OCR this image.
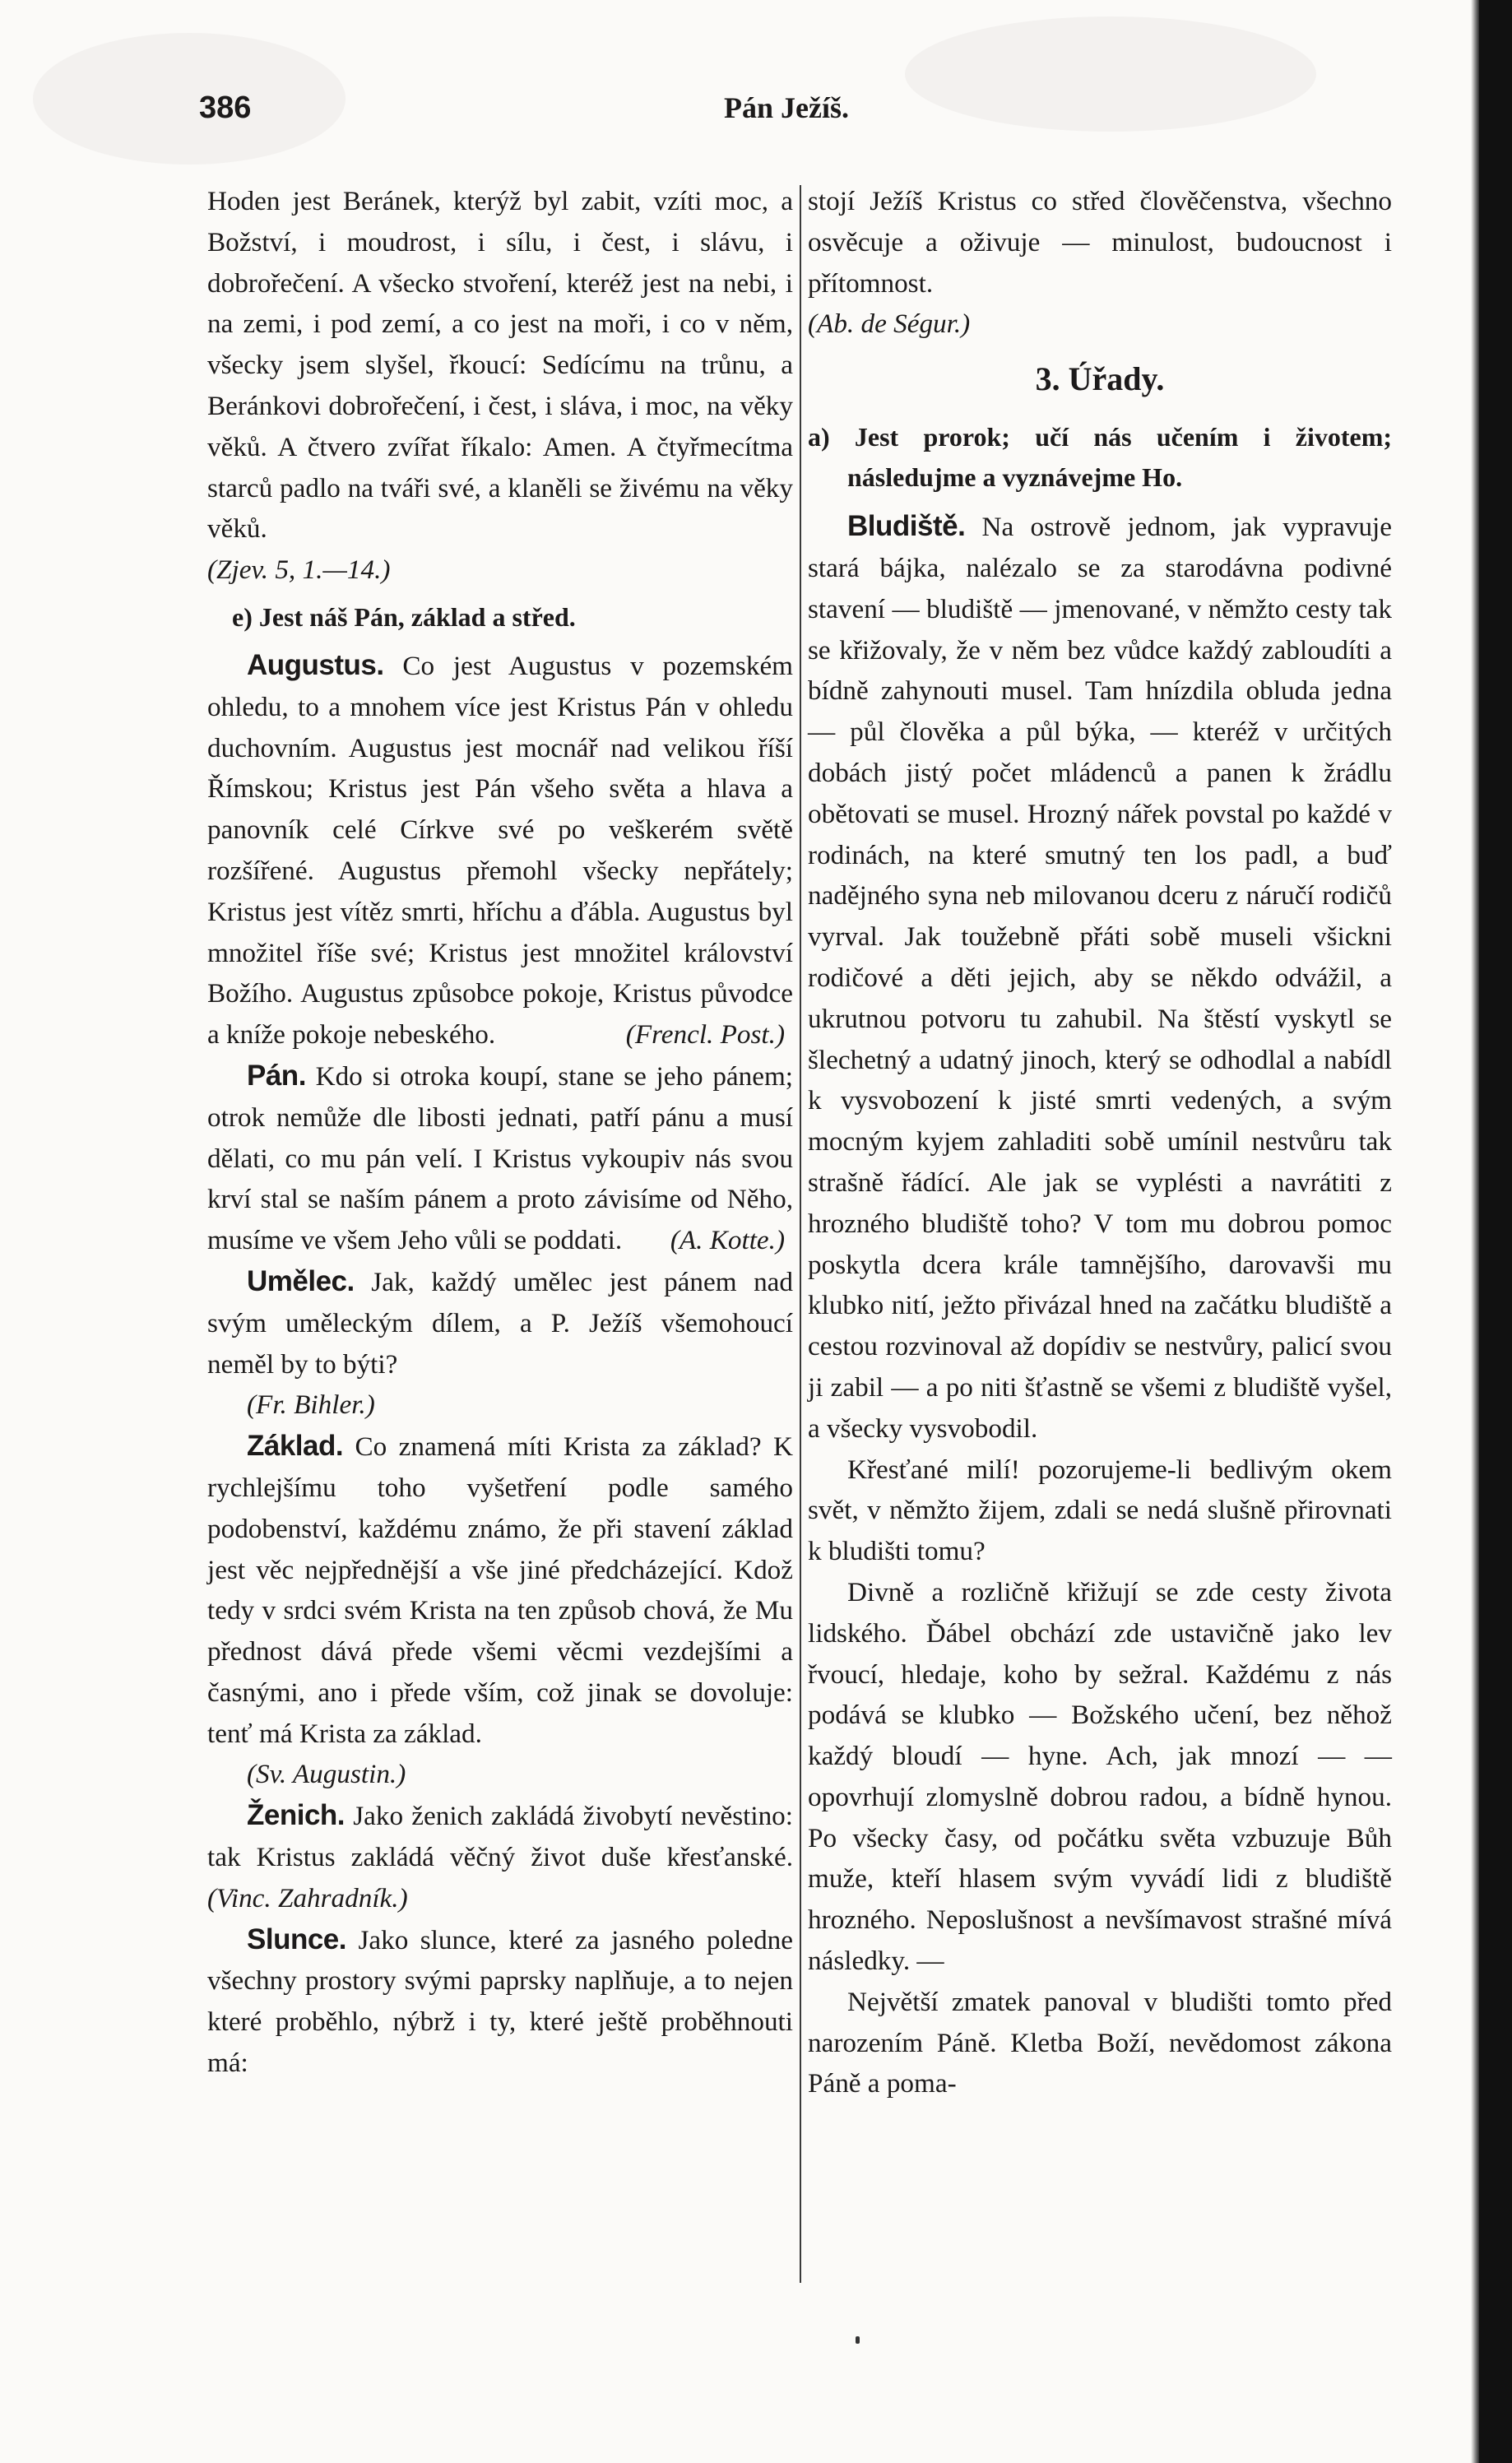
386	Pán Ježíš.

Hoden jest Beránek, kterýž byl zabit, vzíti moc, a Božství, i moudrost, i sílu, i čest, i slávu, i dobrořečení. A všecko stvoření, kteréž jest na nebi, i na zemi, i pod zemí, a co jest na moři, i co v něm, všecky jsem slyšel, řkoucí: Sedícímu na trůnu, a Beránkovi dobrořečení, i čest, i sláva, i moc, na věky věků. A čtvero zvířat říkalo: Amen. A čtyřmecítma starců padlo na tváři své, a klaněli se živému na věky věků.
(Zjev. 5, 1.—14.)

e) Jest náš Pán, základ a střed.

Augustus. Co jest Augustus v pozemském ohledu, to a mnohem více jest Kristus Pán v ohledu duchovním. Augustus jest mocnář nad velikou říší Římskou; Kristus jest Pán všeho světa a hlava a panovník celé Církve své po veškerém světě rozšířené. Augustus přemohl všecky nepřátely; Kristus jest vítěz smrti, hříchu a ďábla. Augustus byl množitel říše své; Kristus jest množitel království Božího. Augustus způsobce pokoje, Kristus původce a kníže pokoje nebeského.	(Frencl. Post.)

Pán. Kdo si otroka koupí, stane se jeho pánem; otrok nemůže dle libosti jednati, patří pánu a musí dělati, co mu pán velí. I Kristus vykoupiv nás svou krví stal se naším pánem a proto závisíme od Něho, musíme ve všem Jeho vůli se poddati.	(A. Kotte.)

Umělec. Jak, každý umělec jest pánem nad svým uměleckým dílem, a P. Ježíš všemohoucí neměl by to býti?
(Fr. Bihler.)

Základ. Co znamená míti Krista za základ? K rychlejšímu toho vyšetření podle samého podobenství, každému známo, že při stavení základ jest věc nejpřednější a vše jiné předcházející. Kdož tedy v srdci svém Krista na ten způsob chová, že Mu přednost dává přede všemi věcmi vezdejšími a časnými, ano i přede vším, což jinak se dovoluje: tenť má Krista za základ.
(Sv. Augustin.)

Ženich. Jako ženich zakládá živobytí nevěstino: tak Kristus zakládá věčný život duše křesťanské. (Vinc. Zahradník.)

Slunce. Jako slunce, které za jasného poledne všechny prostory svými paprsky naplňuje, a to nejen které proběhlo, nýbrž i ty, které ještě proběhnouti má:

stojí Ježíš Kristus co střed člověčenstva, všechno osvěcuje a oživuje — minulost, budoucnost i přítomnost.
(Ab. de Ségur.)

3. Úřady.
a) Jest prorok; učí nás učením i životem; následujme a vyznávejme Ho.

Bludiště. Na ostrově jednom, jak vypravuje stará bájka, nalézalo se za starodávna podivné stavení — bludiště — jmenované, v němžto cesty tak se křižovaly, že v něm bez vůdce každý zabloudíti a bídně zahynouti musel. Tam hnízdila obluda jedna — půl člověka a půl býka, — kteréž v určitých dobách jistý počet mládenců a panen k žrádlu obětovati se musel. Hrozný nářek povstal po každé v rodinách, na které smutný ten los padl, a buď nadějného syna neb milovanou dceru z náručí rodičů vyrval. Jak toužebně přáti sobě museli všickni rodičové a děti jejich, aby se někdo odvážil, a ukrutnou potvoru tu zahubil. Na štěstí vyskytl se šlechetný a udatný jinoch, který se odhodlal a nabídl k vysvobození k jisté smrti vedených, a svým mocným kyjem zahladiti sobě umínil nestvůru tak strašně řádící. Ale jak se vyplésti a navrátiti z hrozného bludiště toho? V tom mu dobrou pomoc poskytla dcera krále tamnějšího, darovavši mu klubko nití, ježto přivázal hned na začátku bludiště a cestou rozvinoval až dopídiv se nestvůry, palicí svou ji zabil — a po niti šťastně se všemi z bludiště vyšel, a všecky vysvobodil.

Křesťané milí! pozorujeme-li bedlivým okem svět, v němžto žijem, zdali se nedá slušně přirovnati k bludišti tomu?

Divně a rozličně křižují se zde cesty života lidského. Ďábel obchází zde ustavičně jako lev řvoucí, hledaje, koho by sežral. Každému z nás podává se klubko — Božského učení, bez něhož každý bloudí — hyne. Ach, jak mnozí — — opovrhují zlomyslně dobrou radou, a bídně hynou. Po všecky časy, od počátku světa vzbuzuje Bůh muže, kteří hlasem svým vyvádí lidi z bludiště hrozného. Neposlušnost a nevšímavost strašné mívá následky. —

Největší zmatek panoval v bludišti tomto před narozením Páně. Kletba Boží, nevědomost zákona Páně a poma-
